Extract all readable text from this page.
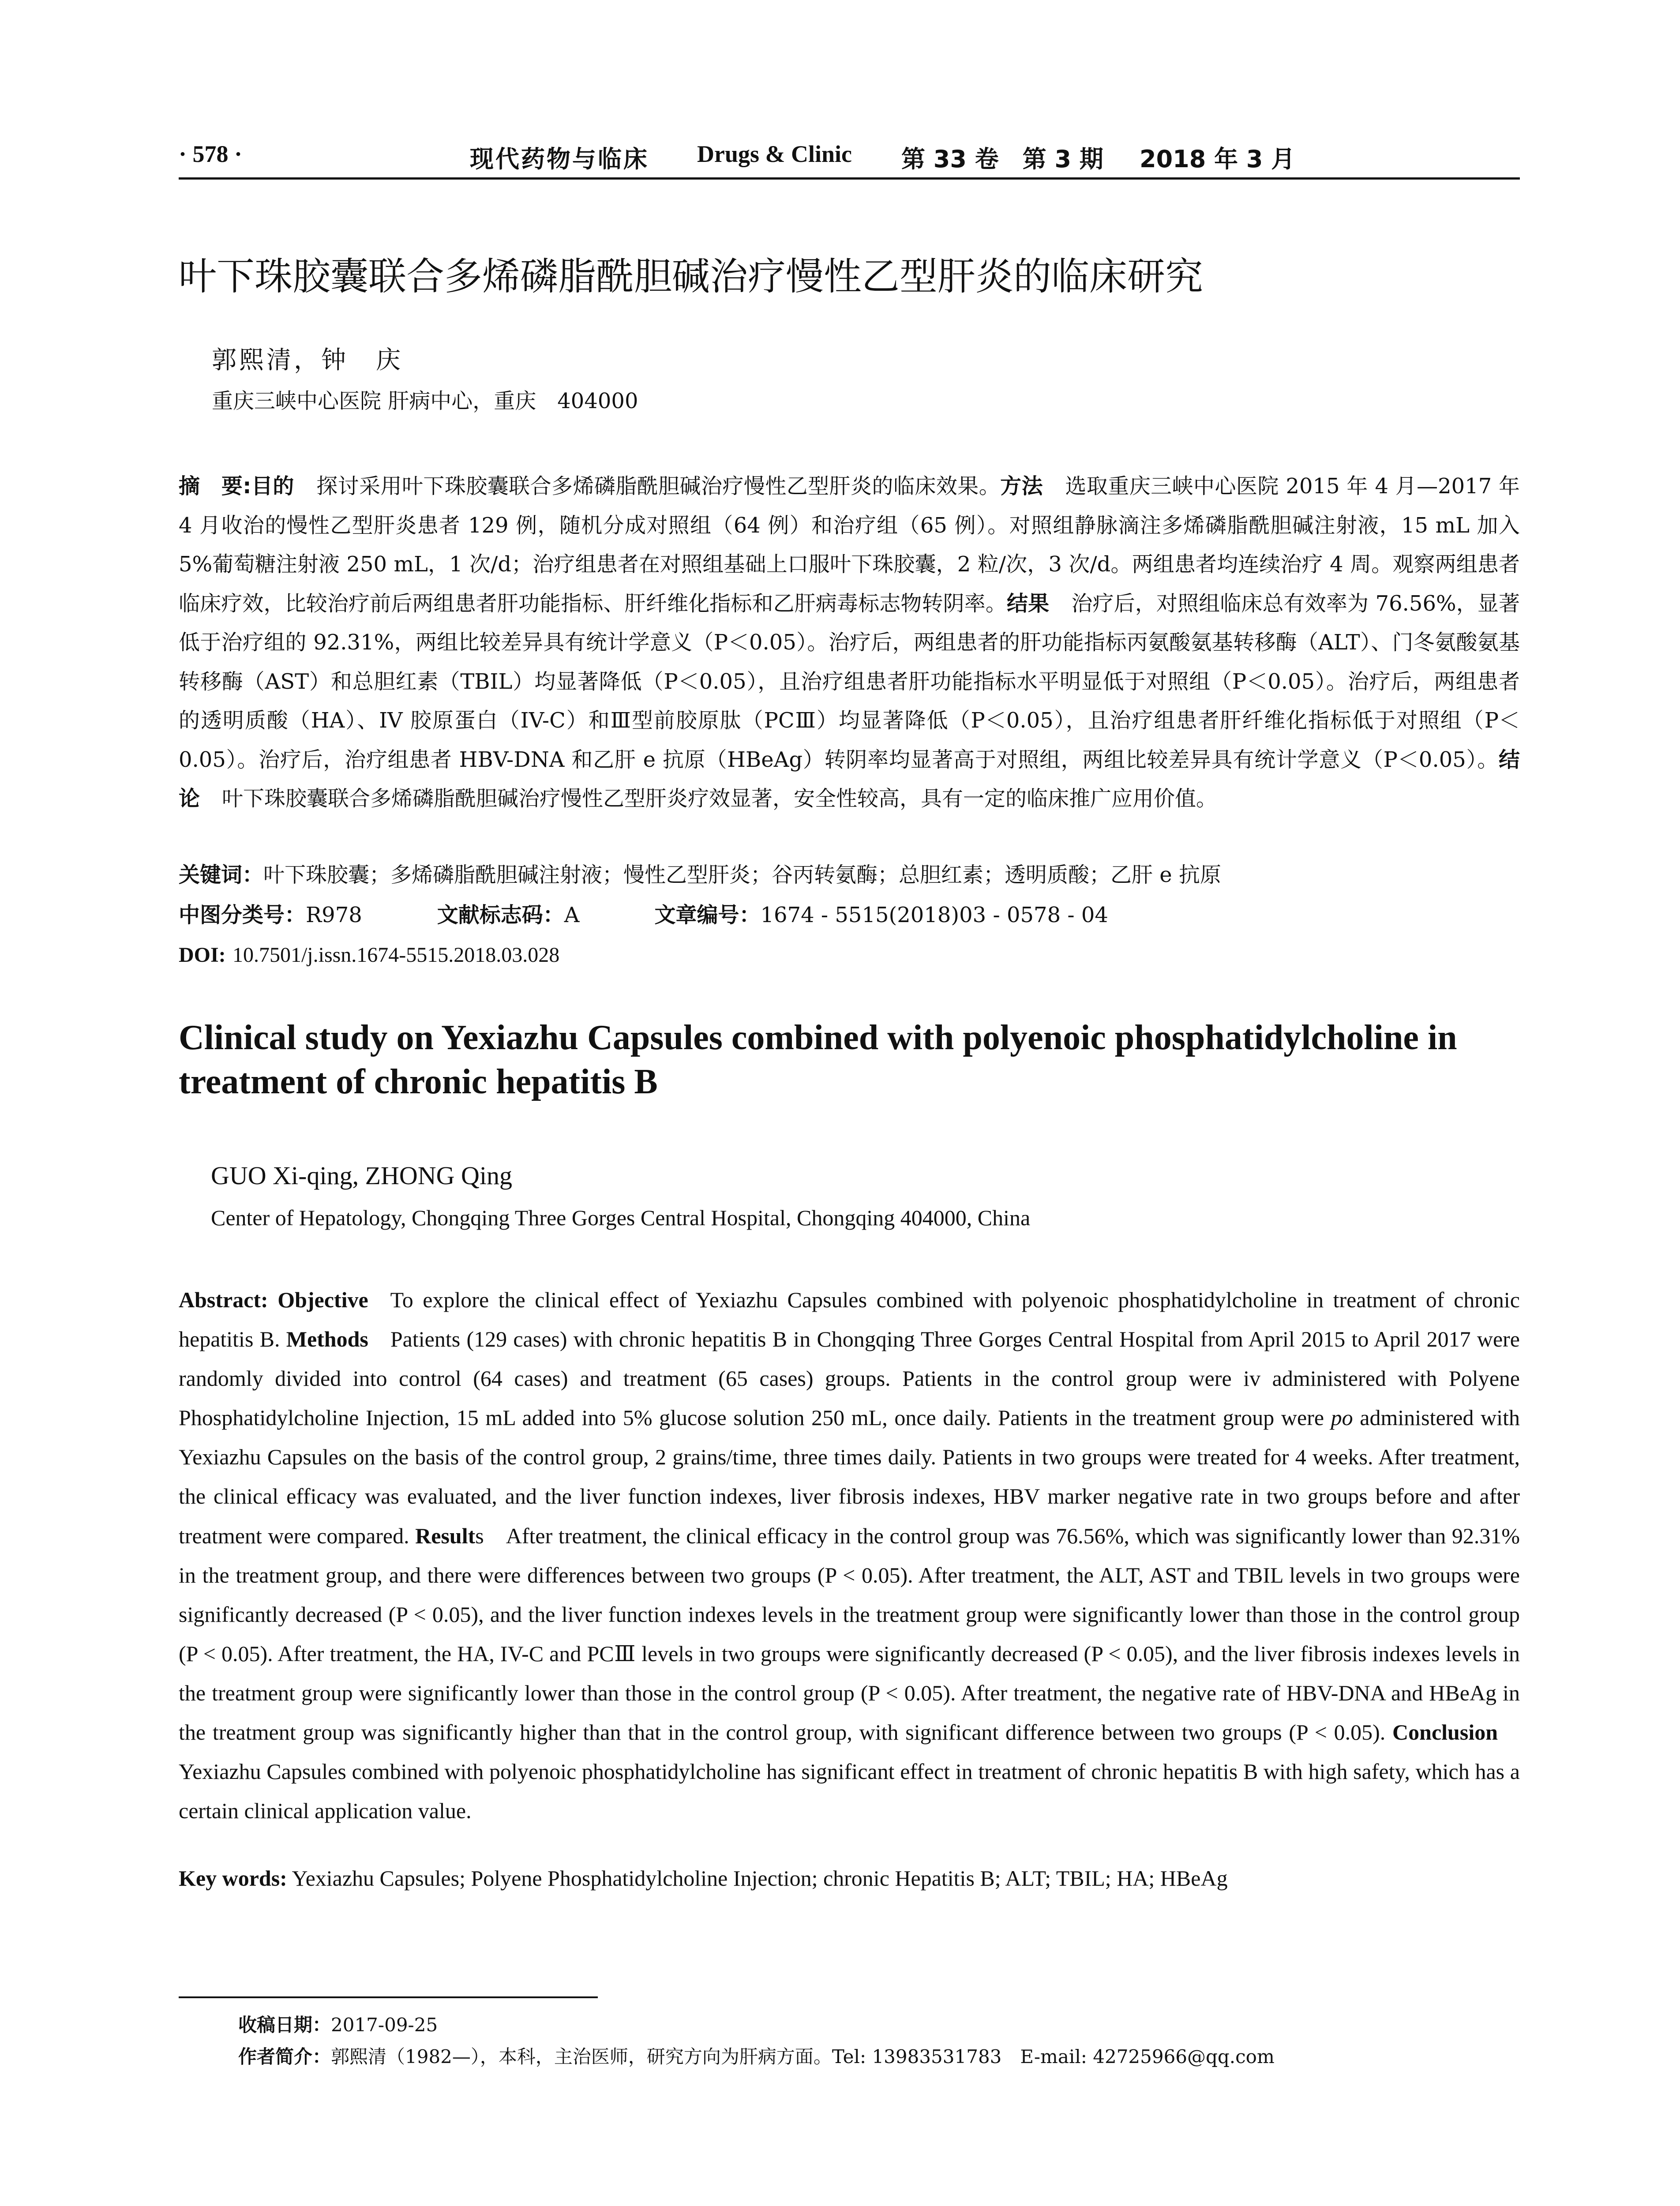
· 578 ·	现代药物与临床 Drugs & Clinic 第 33 卷　第 3 期 2018 年 3 月
叶下珠胶囊联合多烯磷脂酰胆碱治疗慢性乙型肝炎的临床研究
郭熙清，钟　庆
重庆三峡中心医院 肝病中心，重庆　404000
摘　要:目的 探讨采用叶下珠胶囊联合多烯磷脂酰胆碱治疗慢性乙型肝炎的临床效果。方法 选取重庆三峡中心医院 2015 年 4 月—2017 年 4 月收治的慢性乙型肝炎患者 129 例，随机分成对照组（64 例）和治疗组（65 例）。对照组静脉滴注多烯磷脂酰胆碱注射液，15 mL 加入 5%葡萄糖注射液 250 mL，1 次/d；治疗组患者在对照组基础上口服叶下珠胶囊，2 粒/次，3 次/d。两组患者均连续治疗 4 周。观察两组患者临床疗效，比较治疗前后两组患者肝功能指标、肝纤维化指标和乙肝病毒标志物转阴率。结果 治疗后，对照组临床总有效率为 76.56%，显著低于治疗组的 92.31%，两组比较差异具有统计学意义（P＜0.05）。治疗后，两组患者的肝功能指标丙氨酸氨基转移酶（ALT）、门冬氨酸氨基转移酶（AST）和总胆红素（TBIL）均显著降低（P＜0.05），且治疗组患者肝功能指标水平明显低于对照组（P＜0.05）。治疗后，两组患者的透明质酸（HA）、IV 胶原蛋白（IV-C）和Ⅲ型前胶原肽（PCⅢ）均显著降低（P＜0.05），且治疗组患者肝纤维化指标低于对照组（P＜0.05）。治疗后，治疗组患者 HBV-DNA 和乙肝 e 抗原（HBeAg）转阴率均显著高于对照组，两组比较差异具有统计学意义（P＜0.05）。结论 叶下珠胶囊联合多烯磷脂酰胆碱治疗慢性乙型肝炎疗效显著，安全性较高，具有一定的临床推广应用价值。
关键词：叶下珠胶囊；多烯磷脂酰胆碱注射液；慢性乙型肝炎；谷丙转氨酶；总胆红素；透明质酸；乙肝 e 抗原
中图分类号：R978	文献标志码：A	文章编号：1674 - 5515(2018)03 - 0578 - 04
DOI: 10.7501/j.issn.1674-5515.2018.03.028
Clinical study on Yexiazhu Capsules combined with polyenoic phosphatidylcholine in treatment of chronic hepatitis B
GUO Xi-qing, ZHONG Qing
Center of Hepatology, Chongqing Three Gorges Central Hospital, Chongqing 404000, China
Abstract: Objective To explore the clinical effect of Yexiazhu Capsules combined with polyenoic phosphatidylcholine in treatment of chronic hepatitis B. Methods Patients (129 cases) with chronic hepatitis B in Chongqing Three Gorges Central Hospital from April 2015 to April 2017 were randomly divided into control (64 cases) and treatment (65 cases) groups. Patients in the control group were iv administered with Polyene Phosphatidylcholine Injection, 15 mL added into 5% glucose solution 250 mL, once daily. Patients in the treatment group were po administered with Yexiazhu Capsules on the basis of the control group, 2 grains/time, three times daily. Patients in two groups were treated for 4 weeks. After treatment, the clinical efficacy was evaluated, and the liver function indexes, liver fibrosis indexes, HBV marker negative rate in two groups before and after treatment were compared. Results After treatment, the clinical efficacy in the control group was 76.56%, which was significantly lower than 92.31% in the treatment group, and there were differences between two groups (P < 0.05). After treatment, the ALT, AST and TBIL levels in two groups were significantly decreased (P < 0.05), and the liver function indexes levels in the treatment group were significantly lower than those in the control group (P < 0.05). After treatment, the HA, IV-C and PCⅢ levels in two groups were significantly decreased (P < 0.05), and the liver fibrosis indexes levels in the treatment group were significantly lower than those in the control group (P < 0.05). After treatment, the negative rate of HBV-DNA and HBeAg in the treatment group was significantly higher than that in the control group, with significant difference between two groups (P < 0.05). ConclusionYexiazhu Capsules combined with polyenoic phosphatidylcholine has significant effect in treatment of chronic hepatitis B with high safety, which has a certain clinical application value.
Key words: Yexiazhu Capsules; Polyene Phosphatidylcholine Injection; chronic Hepatitis B; ALT; TBIL; HA; HBeAg
收稿日期：2017-09-25
作者简介：郭熙清（1982—），本科，主治医师，研究方向为肝病方面。Tel: 13983531783　E-mail: 42725966@qq.com
